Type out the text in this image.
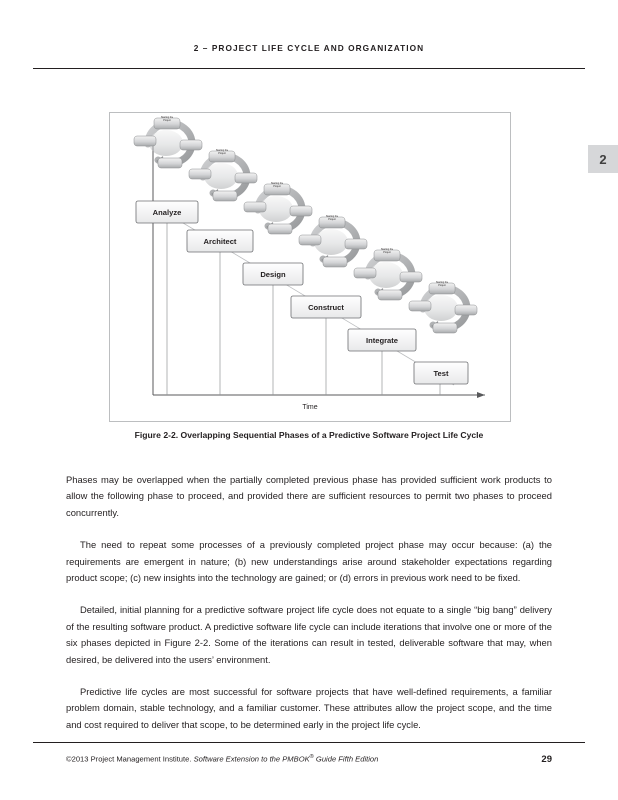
2 – PROJECT LIFE CYCLE AND ORGANIZATION
2
Time
Starting the
Project
Starting the
Project
Starting the
Project
Starting the
Project
Starting the
Project
Starting the
Project
Analyze
Architect
Design
Construct
Integrate
Test
Figure 2-2. Overlapping Sequential Phases of a Predictive Software Project Life Cycle

Phases may be overlapped when the partially completed previous phase has provided sufficient work products to allow the following phase to proceed, and provided there are sufficient resources to permit two phases to proceed concurrently.

The need to repeat some processes of a previously completed project phase may occur because: (a) the requirements are emergent in nature; (b) new understandings arise around stakeholder expectations regarding product scope; (c) new insights into the technology are gained; or (d) errors in previous work need to be fixed.

Detailed, initial planning for a predictive software project life cycle does not equate to a single “big bang” delivery of the resulting software product. A predictive software life cycle can include iterations that involve one or more of the six phases depicted in Figure 2-2. Some of the iterations can result in tested, deliverable software that may, when desired, be delivered into the users’ environment.

Predictive life cycles are most successful for software projects that have well-defined requirements, a familiar problem domain, stable technology, and a familiar customer. These attributes allow the project scope, and the time and cost required to deliver that scope, to be determined early in the project life cycle.

©2013 Project Management Institute. Software Extension to the PMBOK® Guide Fifth Edition	29
